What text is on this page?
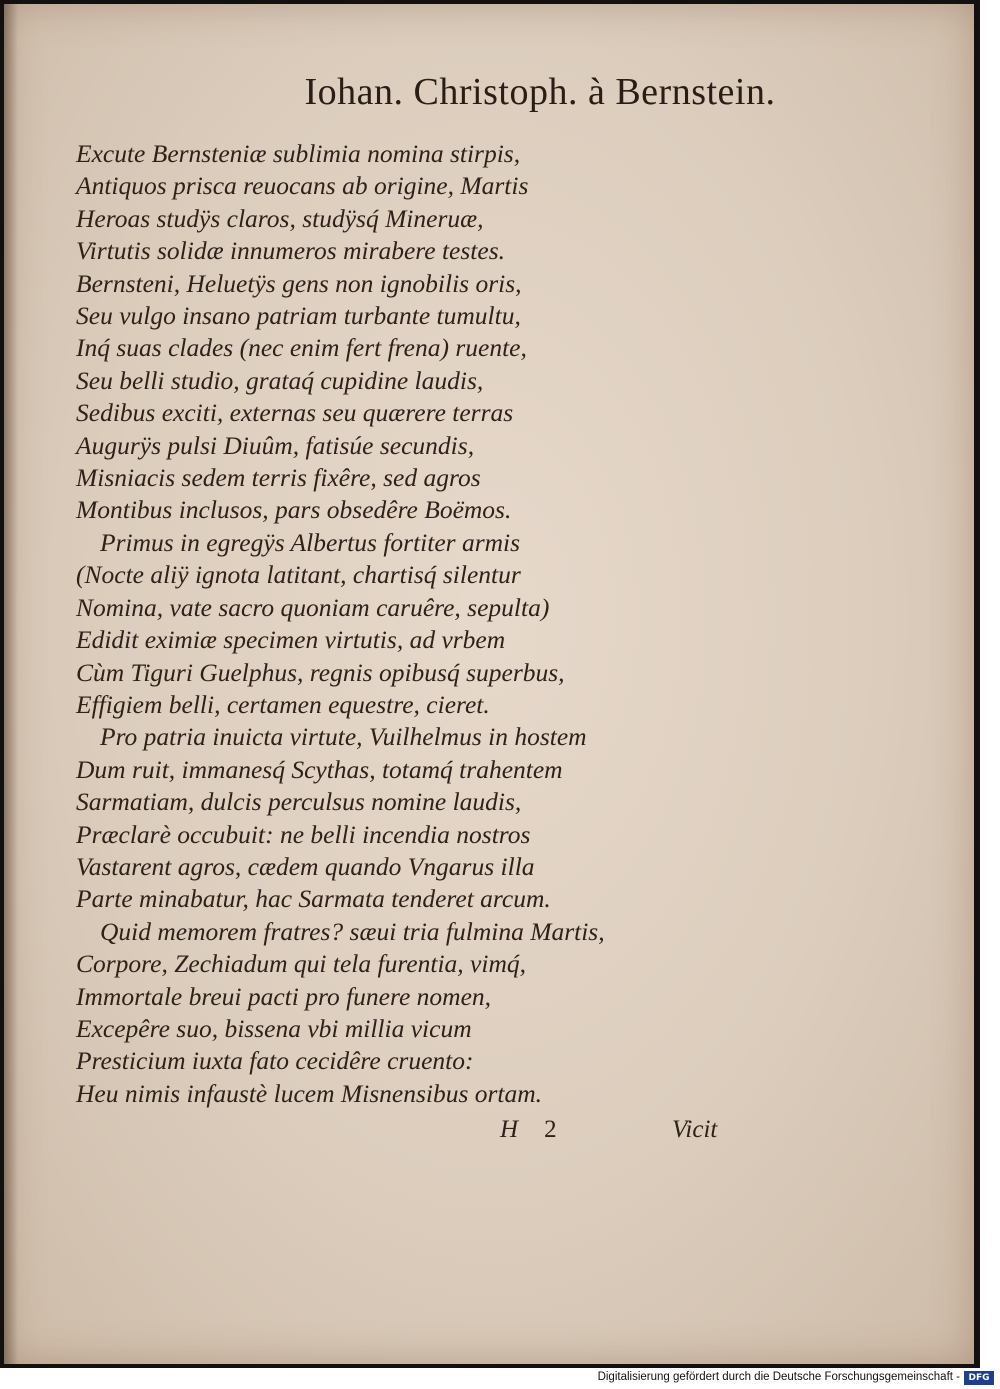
Iohan. Christoph. à Bernstein.
Excute Bernsteniæ sublimia nomina stirpis,
Antiquos prisca reuocans ab origine, Martis
Heroas studÿs claros, studÿsq́ Mineruæ,
Virtutis solidæ innumeros mirabere testes.
Bernsteni, Heluetÿs gens non ignobilis oris,
Seu vulgo insano patriam turbante tumultu,
Inq́ suas clades (nec enim fert frena) ruente,
Seu belli studio, grataq́ cupidine laudis,
Sedibus exciti, externas seu quærere terras
Augurÿs pulsi Diuûm, fatisúe secundis,
Misniacis sedem terris fixêre, sed agros
Montibus inclusos, pars obsedêre Boëmos.
Primus in egregÿs Albertus fortiter armis
(Nocte aliÿ ignota latitant, chartisq́ silentur
Nomina, vate sacro quoniam caruêre, sepulta)
Edidit eximiæ specimen virtutis, ad vrbem
Cùm Tiguri Guelphus, regnis opibusq́ superbus,
Effigiem belli, certamen equestre, cieret.
Pro patria inuicta virtute, Vuilhelmus in hostem
Dum ruit, immanesq́ Scythas, totamq́ trahentem
Sarmatiam, dulcis perculsus nomine laudis,
Præclarè occubuit: ne belli incendia nostros
Vastarent agros, cædem quando Vngarus illa
Parte minabatur, hac Sarmata tenderet arcum.
Quid memorem fratres? sæui tria fulmina Martis,
Corpore, Zechiadum qui tela furentia, vimq́,
Immortale breui pacti pro funere nomen,
Excepêre suo, bissena vbi millia vicum
Presticium iuxta fato cecidêre cruento:
Heu nimis infaustè lucem Misnensibus ortam.
H 2	Vicit
Digitalisierung gefördert durch die Deutsche Forschungsgemeinschaft - DFG
